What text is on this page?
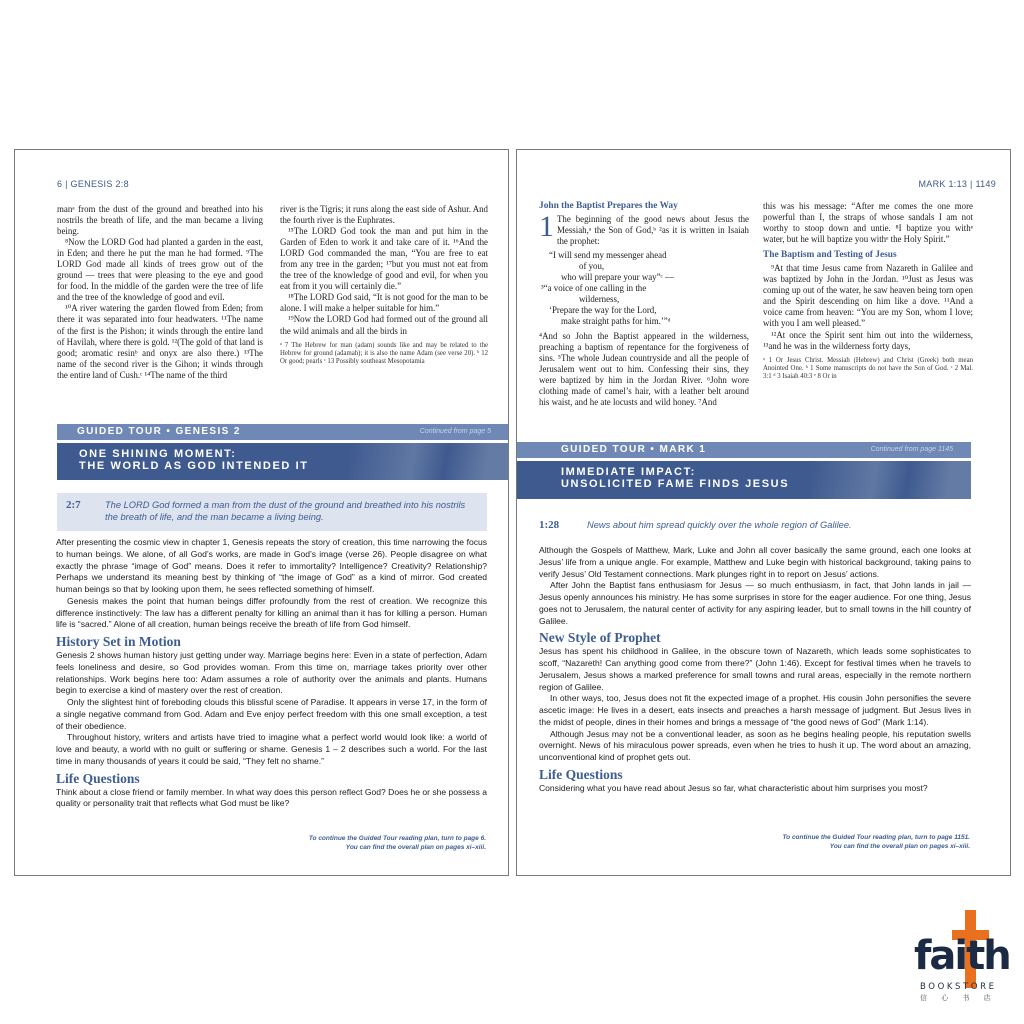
6 | GENESIS 2:8

manᵃ from the dust of the ground and breathed into his nostrils the breath of life, and the man became a living being.

⁸Now the LORD God had planted a garden in the east, in Eden; and there he put the man he had formed. ⁹The LORD God made all kinds of trees grow out of the ground — trees that were pleasing to the eye and good for food. In the middle of the garden were the tree of life and the tree of the knowledge of good and evil.

¹⁰A river watering the garden flowed from Eden; from there it was separated into four headwaters. ¹¹The name of the first is the Pishon; it winds through the entire land of Havilah, where there is gold. ¹²(The gold of that land is good; aromatic resinᵇ and onyx are also there.) ¹³The name of the second river is the Gihon; it winds through the entire land of Cush.ᶜ ¹⁴The name of the third

river is the Tigris; it runs along the east side of Ashur. And the fourth river is the Euphrates.

¹⁵The LORD God took the man and put him in the Garden of Eden to work it and take care of it. ¹⁶And the LORD God commanded the man, “You are free to eat from any tree in the garden; ¹⁷but you must not eat from the tree of the knowledge of good and evil, for when you eat from it you will certainly die.”

¹⁸The LORD God said, “It is not good for the man to be alone. I will make a helper suitable for him.”

¹⁹Now the LORD God had formed out of the ground all the wild animals and all the birds in

ᵃ 7 The Hebrew for man (adam) sounds like and may be related to the Hebrew for ground (adamah); it is also the name Adam (see verse 20). ᵇ 12 Or good; pearls ᶜ 13 Possibly southeast Mesopotamia
GUIDED TOUR • GENESIS 2	Continued from page 5
ONE SHINING MOMENT:
THE WORLD AS GOD INTENDED IT
2:7	The LORD God formed a man from the dust of the ground and breathed into his nostrils the breath of life, and the man became a living being.

After presenting the cosmic view in chapter 1, Genesis repeats the story of creation, this time narrowing the focus to human beings. We alone, of all God’s works, are made in God’s image (verse 26). People disagree on what exactly the phrase “image of God” means. Does it refer to immortality? Intelligence? Creativity? Relationship? Perhaps we understand its meaning best by thinking of “the image of God” as a kind of mirror. God created human beings so that by looking upon them, he sees reflected something of himself.

Genesis makes the point that human beings differ profoundly from the rest of creation. We recognize this difference instinctively: The law has a different penalty for killing an animal than it has for killing a person. Human life is “sacred.” Alone of all creation, human beings receive the breath of life from God himself.

History Set in Motion

Genesis 2 shows human history just getting under way. Marriage begins here: Even in a state of perfection, Adam feels loneliness and desire, so God provides woman. From this time on, marriage takes priority over other relationships. Work begins here too: Adam assumes a role of authority over the animals and plants. Humans begin to exercise a kind of mastery over the rest of creation.

Only the slightest hint of foreboding clouds this blissful scene of Paradise. It appears in verse 17, in the form of a single negative command from God. Adam and Eve enjoy perfect freedom with this one small exception, a test of their obedience.

Throughout history, writers and artists have tried to imagine what a perfect world would look like: a world of love and beauty, a world with no guilt or suffering or shame. Genesis 1 – 2 describes such a world. For the last time in many thousands of years it could be said, “They felt no shame.”

Life Questions

Think about a close friend or family member. In what way does this person reflect God? Does he or she possess a quality or personality trait that reflects what God must be like?

To continue the Guided Tour reading plan, turn to page 6.
You can find the overall plan on pages xi–xiii.
MARK 1:13 | 1149
John the Baptist Prepares the Way

1 The beginning of the good news about Jesus the Messiah,ᵃ the Son of God,ᵇ ²as it is written in Isaiah the prophet:

“I will send my messenger ahead
of you,
who will prepare your way”ᶜ —
³“a voice of one calling in the
wilderness,
‘Prepare the way for the Lord,
make straight paths for him.’”ᵈ

⁴And so John the Baptist appeared in the wilderness, preaching a baptism of repentance for the forgiveness of sins. ⁵The whole Judean countryside and all the people of Jerusalem went out to him. Confessing their sins, they were baptized by him in the Jordan River. ⁶John wore clothing made of camel’s hair, with a leather belt around his waist, and he ate locusts and wild honey. ⁷And

this was his message: “After me comes the one more powerful than I, the straps of whose sandals I am not worthy to stoop down and untie. ⁸I baptize you withᵉ water, but he will baptize you withᵉ the Holy Spirit.”

The Baptism and Testing of Jesus

⁹At that time Jesus came from Nazareth in Galilee and was baptized by John in the Jordan. ¹⁰Just as Jesus was coming up out of the water, he saw heaven being torn open and the Spirit descending on him like a dove. ¹¹And a voice came from heaven: “You are my Son, whom I love; with you I am well pleased.”

¹²At once the Spirit sent him out into the wilderness, ¹³and he was in the wilderness forty days,

ᵃ 1 Or Jesus Christ. Messiah (Hebrew) and Christ (Greek) both mean Anointed One. ᵇ 1 Some manuscripts do not have the Son of God. ᶜ 2 Mal. 3:1 ᵈ 3 Isaiah 40:3 ᵉ 8 Or in
GUIDED TOUR • MARK 1	Continued from page 1145
IMMEDIATE IMPACT:
UNSOLICITED FAME FINDS JESUS
1:28	News about him spread quickly over the whole region of Galilee.

Although the Gospels of Matthew, Mark, Luke and John all cover basically the same ground, each one looks at Jesus’ life from a unique angle. For example, Matthew and Luke begin with historical background, taking pains to verify Jesus’ Old Testament connections. Mark plunges right in to report on Jesus’ actions.

After John the Baptist fans enthusiasm for Jesus — so much enthusiasm, in fact, that John lands in jail — Jesus openly announces his ministry. He has some surprises in store for the eager audience. For one thing, Jesus goes not to Jerusalem, the natural center of activity for any aspiring leader, but to small towns in the hill country of Galilee.

New Style of Prophet

Jesus has spent his childhood in Galilee, in the obscure town of Nazareth, which leads some sophisticates to scoff, “Nazareth! Can anything good come from there?” (John 1:46). Except for festival times when he travels to Jerusalem, Jesus shows a marked preference for small towns and rural areas, especially in the remote northern region of Galilee.

In other ways, too, Jesus does not fit the expected image of a prophet. His cousin John personifies the severe ascetic image: He lives in a desert, eats insects and preaches a harsh message of judgment. But Jesus lives in the midst of people, dines in their homes and brings a message of “the good news of God” (Mark 1:14).

Although Jesus may not be a conventional leader, as soon as he begins healing people, his reputation swells overnight. News of his miraculous power spreads, even when he tries to hush it up. The word about an amazing, unconventional kind of prophet gets out.

Life Questions

Considering what you have read about Jesus so far, what characteristic about him surprises you most?

To continue the Guided Tour reading plan, turn to page 1151.
You can find the overall plan on pages xi–xiii.
faith
BOOKSTORE
信 心 书 店
